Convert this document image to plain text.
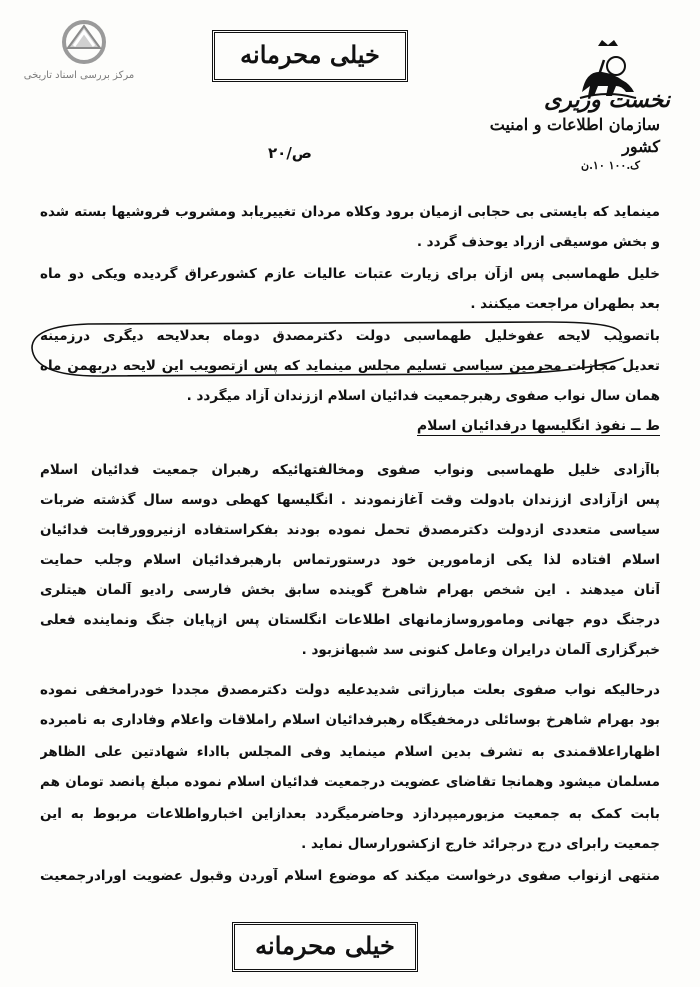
مرکز بررسی اسناد تاریخی
خیلی محرمانه
نخست وزیری
سازمان اطلاعات و امنیت کشور
ک.۱۰۰ ۱۰.ن
ص/۲۰
مینماید که بایستی بی حجابی ازمیان برود وکلاه مردان تغییریابد ومشروب فروشیها بسته شده
و بخش موسیقی ازراد یوحذف گردد .
خلیل طهماسبی پس ازآن برای زیارت عتبات عالیات عازم کشورعراق گردیده ویکی دو ماه
بعد بطهران مراجعت میکنند .
باتصویب لایحه عفوخلیل طهماسبی دولت دکترمصدق دوماه بعدلایحه دیگری درزمینه
تعدیل مجازات مجرمین سیاسی تسلیم مجلس مینماید که پس ازتصویب این لایحه دربهمن ماه
همان سال نواب صفوی رهبرجمعیت فدائیان اسلام اززندان آزاد میگردد .
ط ــ نفوذ انگلیسها درفدائیان اسلام
باآزادی خلیل طهماسبی ونواب صفوی ومخالفتهائیکه رهبران جمعیت فدائیان اسلام
پس ازآزادی اززندان بادولت وقت آغازنمودند . انگلیسها کهطی دوسه سال گذشته ضربات
سیاسی متعددی ازدولت دکترمصدق تحمل نموده بودند بفکراستفاده ازنیروورقابت فدائیان
اسلام افتاده لذا یکی ازمامورین خود درستورتماس بارهبرفدائیان اسلام وجلب حمایت
آنان میدهند . این شخص بهرام شاهرخ گوینده سابق بخش فارسی رادیو آلمان هیتلری
درجنگ دوم جهانی وماموروسازمانهای اطلاعات انگلستان پس ازپایان جنگ ونماینده فعلی
خبرگزاری آلمان درایران وعامل کنونی سد شبهانزبود .
درحالیکه نواب صفوی بعلت مبارزاتی شدیدعلیه دولت دکترمصدق مجددا خودرامخفی نموده
بود بهرام شاهرخ بوسائلی درمخفیگاه رهبرفدائیان اسلام راملاقات واعلام وفاداری به نامبرده
اظهاراعلاقمندی به تشرف بدین اسلام مینماید وفی المجلس بااداء شهادتین علی الظاهر
مسلمان میشود وهمانجا تقاضای عضویت درجمعیت فدائیان اسلام نموده مبلغ پانصد تومان هم
بابت کمک به جمعیت مزبورمیپردازد وحاضرمیگردد بعدازاین اخبارواطلاعات مربوط به این
جمعیت رابرای درج درجرائد خارج ازکشورارسال نماید .
منتهی ازنواب صفوی درخواست میکند که موضوع اسلام آوردن وقبول عضویت اورادرجمعیت
خیلی محرمانه
